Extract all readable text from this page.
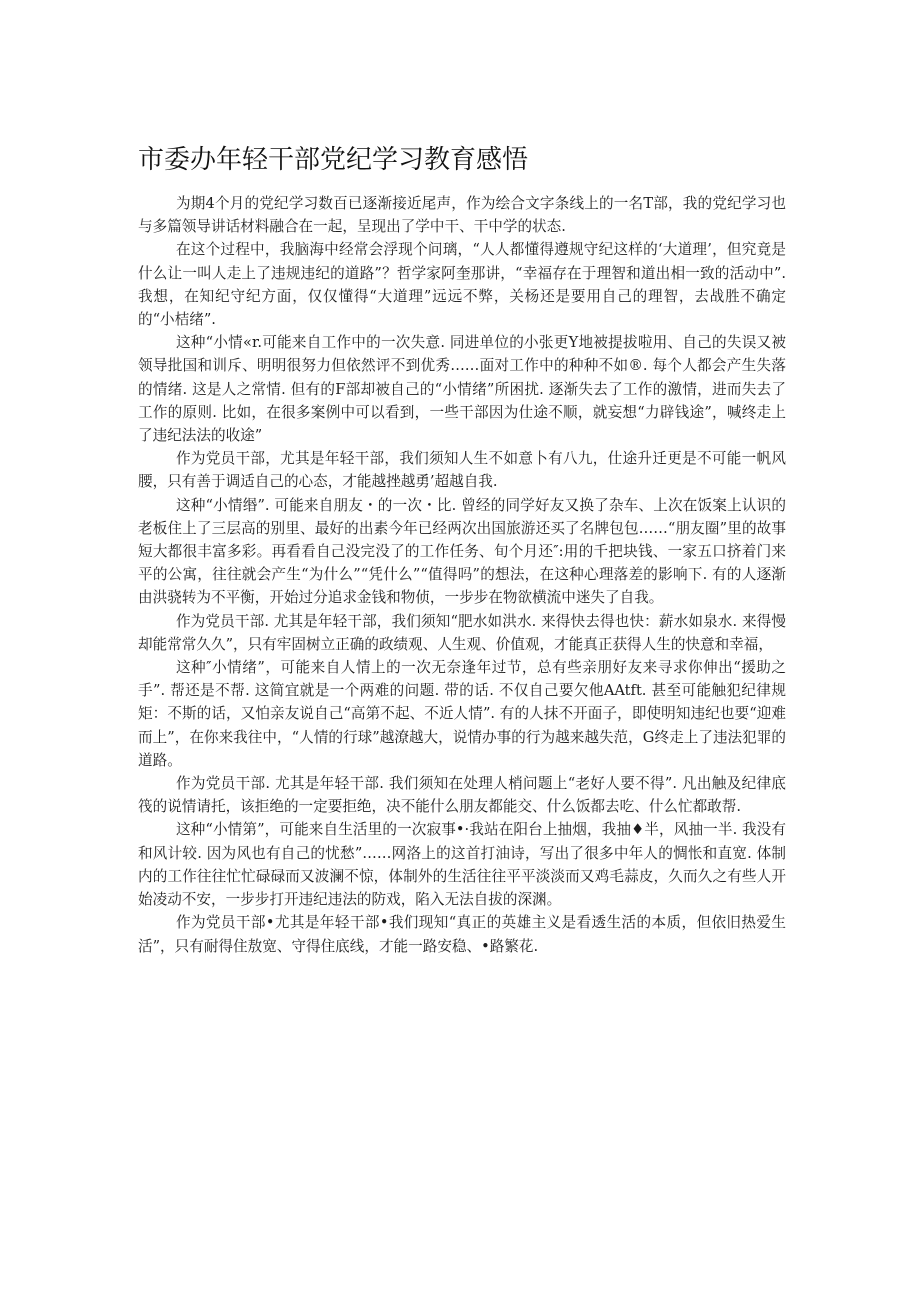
市委办年轻干部党纪学习教育感悟

为期4个月的党纪学习数百已逐渐接近尾声，作为绘合文字条线上的一名T部，我的党纪学习也与多篇领导讲话材料融合在一起，呈现出了学中干、干中学的状态.

在这个过程中，我脑海中经常会浮现个问璃，“人人都懂得遵规守纪这样的‘大道理’，但究竟是什么让一叫人走上了违规违纪的道路”？哲学家阿奎那讲，“幸福存在于理智和道出相一致的活动中”. 我想，在知纪守纪方面，仅仅懂得“大道理”远远不弊，关杨还是要用自己的理智，去战胜不确定的“小桔绪”.

这种“小情«r.可能来自工作中的一次失意. 同进单位的小张更Y地被提拔啦用、自己的失误又被领导批国和训斥、明明很努力但依然评不到优秀……面对工作中的种种不如®. 每个人都会产生失落的情绪. 这是人之常情. 但有的F部却被自己的“小情绪”所困扰. 逐渐失去了工作的激情，进而失去了工作的原则. 比如，在很多案例中可以看到，一些干部因为仕途不顺，就妄想“力辟钱途”，喊终走上了违纪法法的收途”

作为党员干部，尤其是年轻干部，我们须知人生不如意卜有八九，仕途升迁更是不可能一帆风腰，只有善于调适自己的心态，才能越挫越勇’超越自我.

这种“小情缗”. 可能来自朋友・的一次・比. 曾经的同学好友又换了杂车、上次在饭案上认识的老板住上了三层高的别里、最好的出素今年已经两次出国旅游还买了名牌包包……“朋友圈”里的故事短大都很丰富多彩。再看看自己没完没了的工作任务、旬个月还″:用的千把块钱、一家五口挤着门来平的公寓，往往就会产生“为什么”“凭什么”“值得吗”的想法，在这种心理落差的影响下. 有的人逐渐由洪骁转为不平衡，开始过分追求金钱和物侦，一步步在物欲横流中迷失了自我。

作为党员干部. 尤其是年轻干部，我们须知“肥水如洪水. 来得快去得也快：薪水如泉水. 来得慢却能常常久久”，只有牢固树立正确的政绩观、人生观、价值观，才能真正获得人生的快意和幸福，

这种″小情绪”，可能来自人情上的一次无奈逢年过节，总有些亲朋好友来寻求你伸出“援助之手”. 帮还是不帮. 这简宜就是一个两难的问题. 带的话. 不仅自己要欠他AAtft. 甚至可能触犯纪律规矩：不斯的话，又怕亲友说自己“高第不起、不近人情”. 有的人抹不开面子，即使明知违纪也要“迎难而上”，在你来我往中，“人情的行球”越潦越大，说情办事的行为越来越失范，G终走上了违法犯罪的道路。

作为党员干部. 尤其是年轻干部. 我们须知在处理人梢问题上“老好人要不得”. 凡出触及纪律底筏的说情请托，该拒绝的一定要拒绝，决不能什么朋友都能交、什么饭都去吃、什么忙都敢帮.

这种“小情第”，可能来自生活里的一次寂事•·我站在阳台上抽烟，我抽♦半，风抽一半. 我没有和风计较. 因为风也有自己的忧愁”……网洛上的这首打油诗，写出了很多中年人的惆怅和直宽. 体制内的工作往往忙忙碌碌而又波澜不惊，体制外的生活往往平平淡淡而又鸡毛蒜皮，久而久之有些人开始凌动不安，一步步打开违纪违法的防戏，陷入无法自拔的深渊。

作为党员干部•尤其是年轻干部•我们现知“真正的英雄主义是看透生活的本质，但依旧热爱生活”，只有耐得住敖宽、守得住底线，才能一路安稳、•路繁花.
